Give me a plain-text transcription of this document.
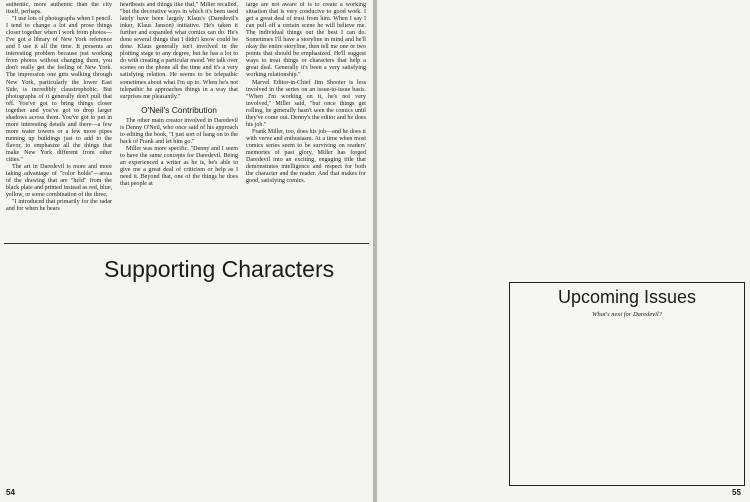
authentic, more authentic than the city itself, perhaps.

"I use lots of photographs when I pencil. I tend to change a lot and prose things closer together when I work from photos—I've got a library of New York reference and I use it all the time. It presents an interesting problem because just working from photos without changing them, you don't really get the feeling of New York. The impression one gets walking through New York, particularly the lower East Side, is incredibly claustrophobic. But photographs of it generally don't pull that off. You've got to bring things closer together and you've got to drop larger shadows across them. You've got to put in more interesting details and there—a few more water towers or a few more pipes running up buildings just to add to the flavor, to emphasize all the things that make New York different from other cities."

The art in Daredevil is more and more taking advantage of "color holds"—areas of the drawing that are "held" from the black plate and printed instead as red, blue, yellow, or some combination of the three.

"I introduced that primarily for the radar and for when he hears

heartbeats and things like that," Miller recalled, "but the decorative ways in which it's been used lately have been largely Klaus's (Daredevil's inker, Klaus Janson) initiative. He's taken it further and expanded what comics can do. He's done several things that I didn't know could be done. Klaus generally isn't involved in the plotting stage to any degree, but he has a lot to do with creating a particular mood. We talk over scenes on the phone all the time and it's a very satisfying relation. He seems to be telepathic sometimes about what I'm up to. When he's not telepathic he approaches things in a way that surprises me pleasantly."

O'Neil's Contribution

The other main creator involved in Daredevil is Denny O'Neil, who once said of his approach to editing the book, "I just sort of hang on to the back of Frank and let him go."

Miller was more specific. "Denny and I seem to have the same concepts for Daredevil. Being an experienced a writer as he is, he's able to give me a great deal of criticism or help as I need it. Beyond that, one of the things he does that people at

large are not aware of is to create a working situation that is very conducive to good work. I get a great deal of trust from him. When I say I can pull off a certain scene he will believe me. The individual things out the best I can do. Sometimes I'll have a storyline in mind and he'll okay the entire storyline, then tell me one or two points that should be emphasized. He'll suggest ways to treat things or characters that help a great deal. Generally it's been a very satisfying working relationship."

Marvel Editor-in-Chief Jim Shooter is less involved in the series on an issue-to-issue basis. "When I'm working on it, he's not very involved," Miller said, "but once things get rolling, he generally hasn't seen the comics until they've come out. Denny's the editor and he does his job."

Frank Miller, too, does his job—and he does it with verve and enthusiasm. At a time when most comics series seem to be surviving on readers' memories of past glory, Miller has forged Daredevil into an exciting, engaging title that demonstrates intelligence and respect for both the character and the reader. And that makes for good, satisfying comics.

Supporting Characters
54
Upcoming Issues
What's next for Daredevil?
55
